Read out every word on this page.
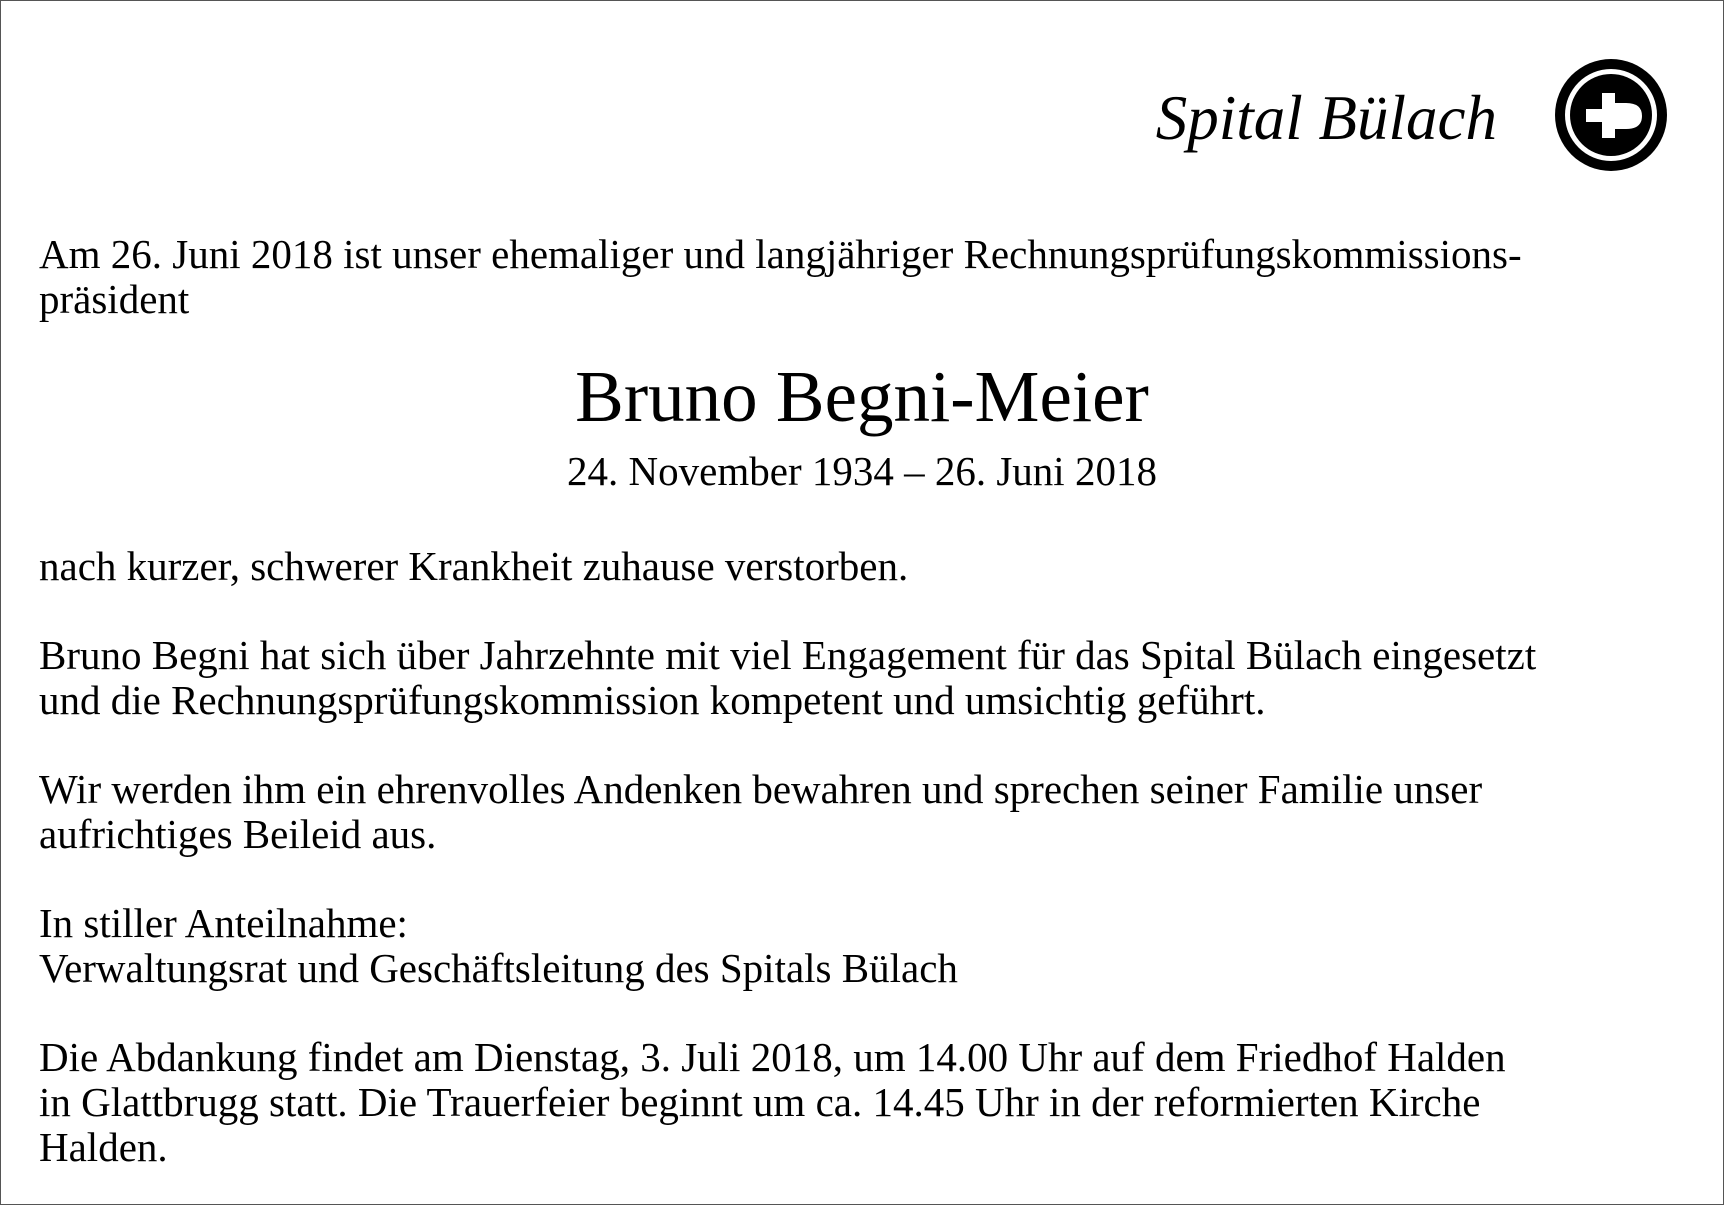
Spital Bülach
Am 26. Juni 2018 ist unser ehemaliger und langjähriger Rechnungsprüfungskommissions-
präsident
Bruno Begni-Meier
24. November 1934 – 26. Juni 2018
nach kurzer, schwerer Krankheit zuhause verstorben.
Bruno Begni hat sich über Jahrzehnte mit viel Engagement für das Spital Bülach eingesetzt
und die Rechnungsprüfungskommission kompetent und umsichtig geführt.
Wir werden ihm ein ehrenvolles Andenken bewahren und sprechen seiner Familie unser
aufrichtiges Beileid aus.
In stiller Anteilnahme:
Verwaltungsrat und Geschäftsleitung des Spitals Bülach
Die Abdankung findet am Dienstag, 3. Juli 2018, um 14.00 Uhr auf dem Friedhof Halden
in Glattbrugg statt. Die Trauerfeier beginnt um ca. 14.45 Uhr in der reformierten Kirche
Halden.
